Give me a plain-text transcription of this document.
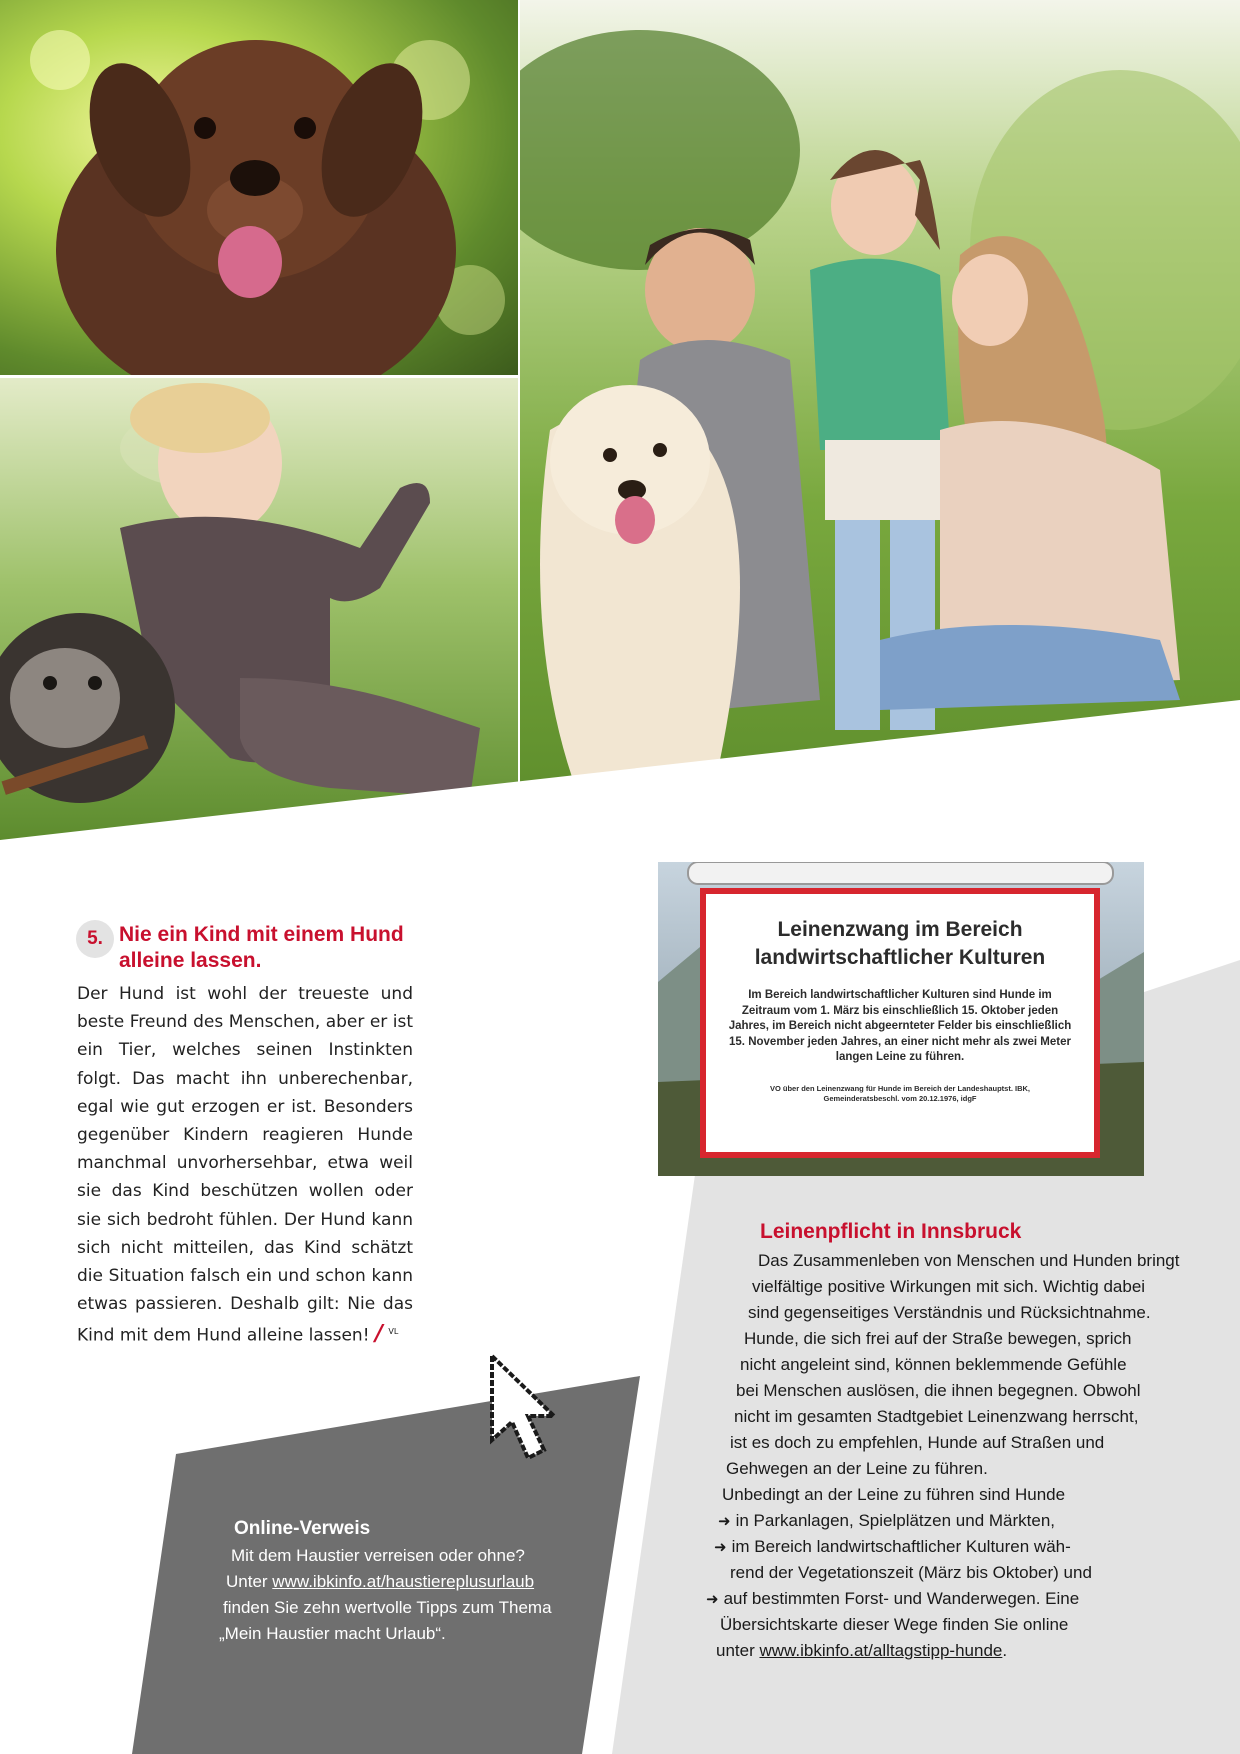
5. Nie ein Kind mit einem Hund alleine lassen.
Der Hund ist wohl der treueste und beste Freund des Menschen, aber er ist ein Tier, welches seinen Instinkten folgt. Das macht ihn unberechenbar, egal wie gut erzogen er ist. Besonders gegenüber Kindern reagieren Hunde manchmal unvorhersehbar, etwa weil sie das Kind beschützen wollen oder sie sich bedroht fühlen. Der Hund kann sich nicht mitteilen, das Kind schätzt die Situation falsch ein und schon kann etwas passieren. Deshalb gilt: Nie das Kind mit dem Hund alleine lassen! / $^{VL}$
Leinenzwang im Bereich
landwirtschaftlicher Kulturen
Im Bereich landwirtschaftlicher Kulturen sind Hunde im Zeitraum vom 1. März bis einschließlich 15. Oktober jeden Jahres, im Bereich nicht abgeernteter Felder bis einschließlich 15. November jeden Jahres, an einer nicht mehr als zwei Meter langen Leine zu führen.
VO über den Leinenzwang für Hunde im Bereich der Landeshauptst. IBK, Gemeinderatsbeschl. vom 20.12.1976, idgF
Leinenpflicht in Innsbruck
Das Zusammenleben von Menschen und Hunden bringt
vielfältige positive Wirkungen mit sich. Wichtig dabei
sind gegenseitiges Verständnis und Rücksichtnahme.
Hunde, die sich frei auf der Straße bewegen, sprich
nicht angeleint sind, können beklemmende Gefühle
bei Menschen auslösen, die ihnen begegnen. Obwohl
nicht im gesamten Stadtgebiet Leinenzwang herrscht,
ist es doch zu empfehlen, Hunde auf Straßen und
Gehwegen an der Leine zu führen.
Unbedingt an der Leine zu führen sind Hunde
➜ in Parkanlagen, Spielplätzen und Märkten,
➜ im Bereich landwirtschaftlicher Kulturen wäh-
rend der Vegetationszeit (März bis Oktober) und
➜ auf bestimmten Forst- und Wanderwegen. Eine
Übersichtskarte dieser Wege finden Sie online
unter www.ibkinfo.at/alltagstipp-hunde.
Online-Verweis
Mit dem Haustier verreisen oder ohne?
Unter www.ibkinfo.at/haustiereplusurlaub
finden Sie zehn wertvolle Tipps zum Thema
„Mein Haustier macht Urlaub“.
